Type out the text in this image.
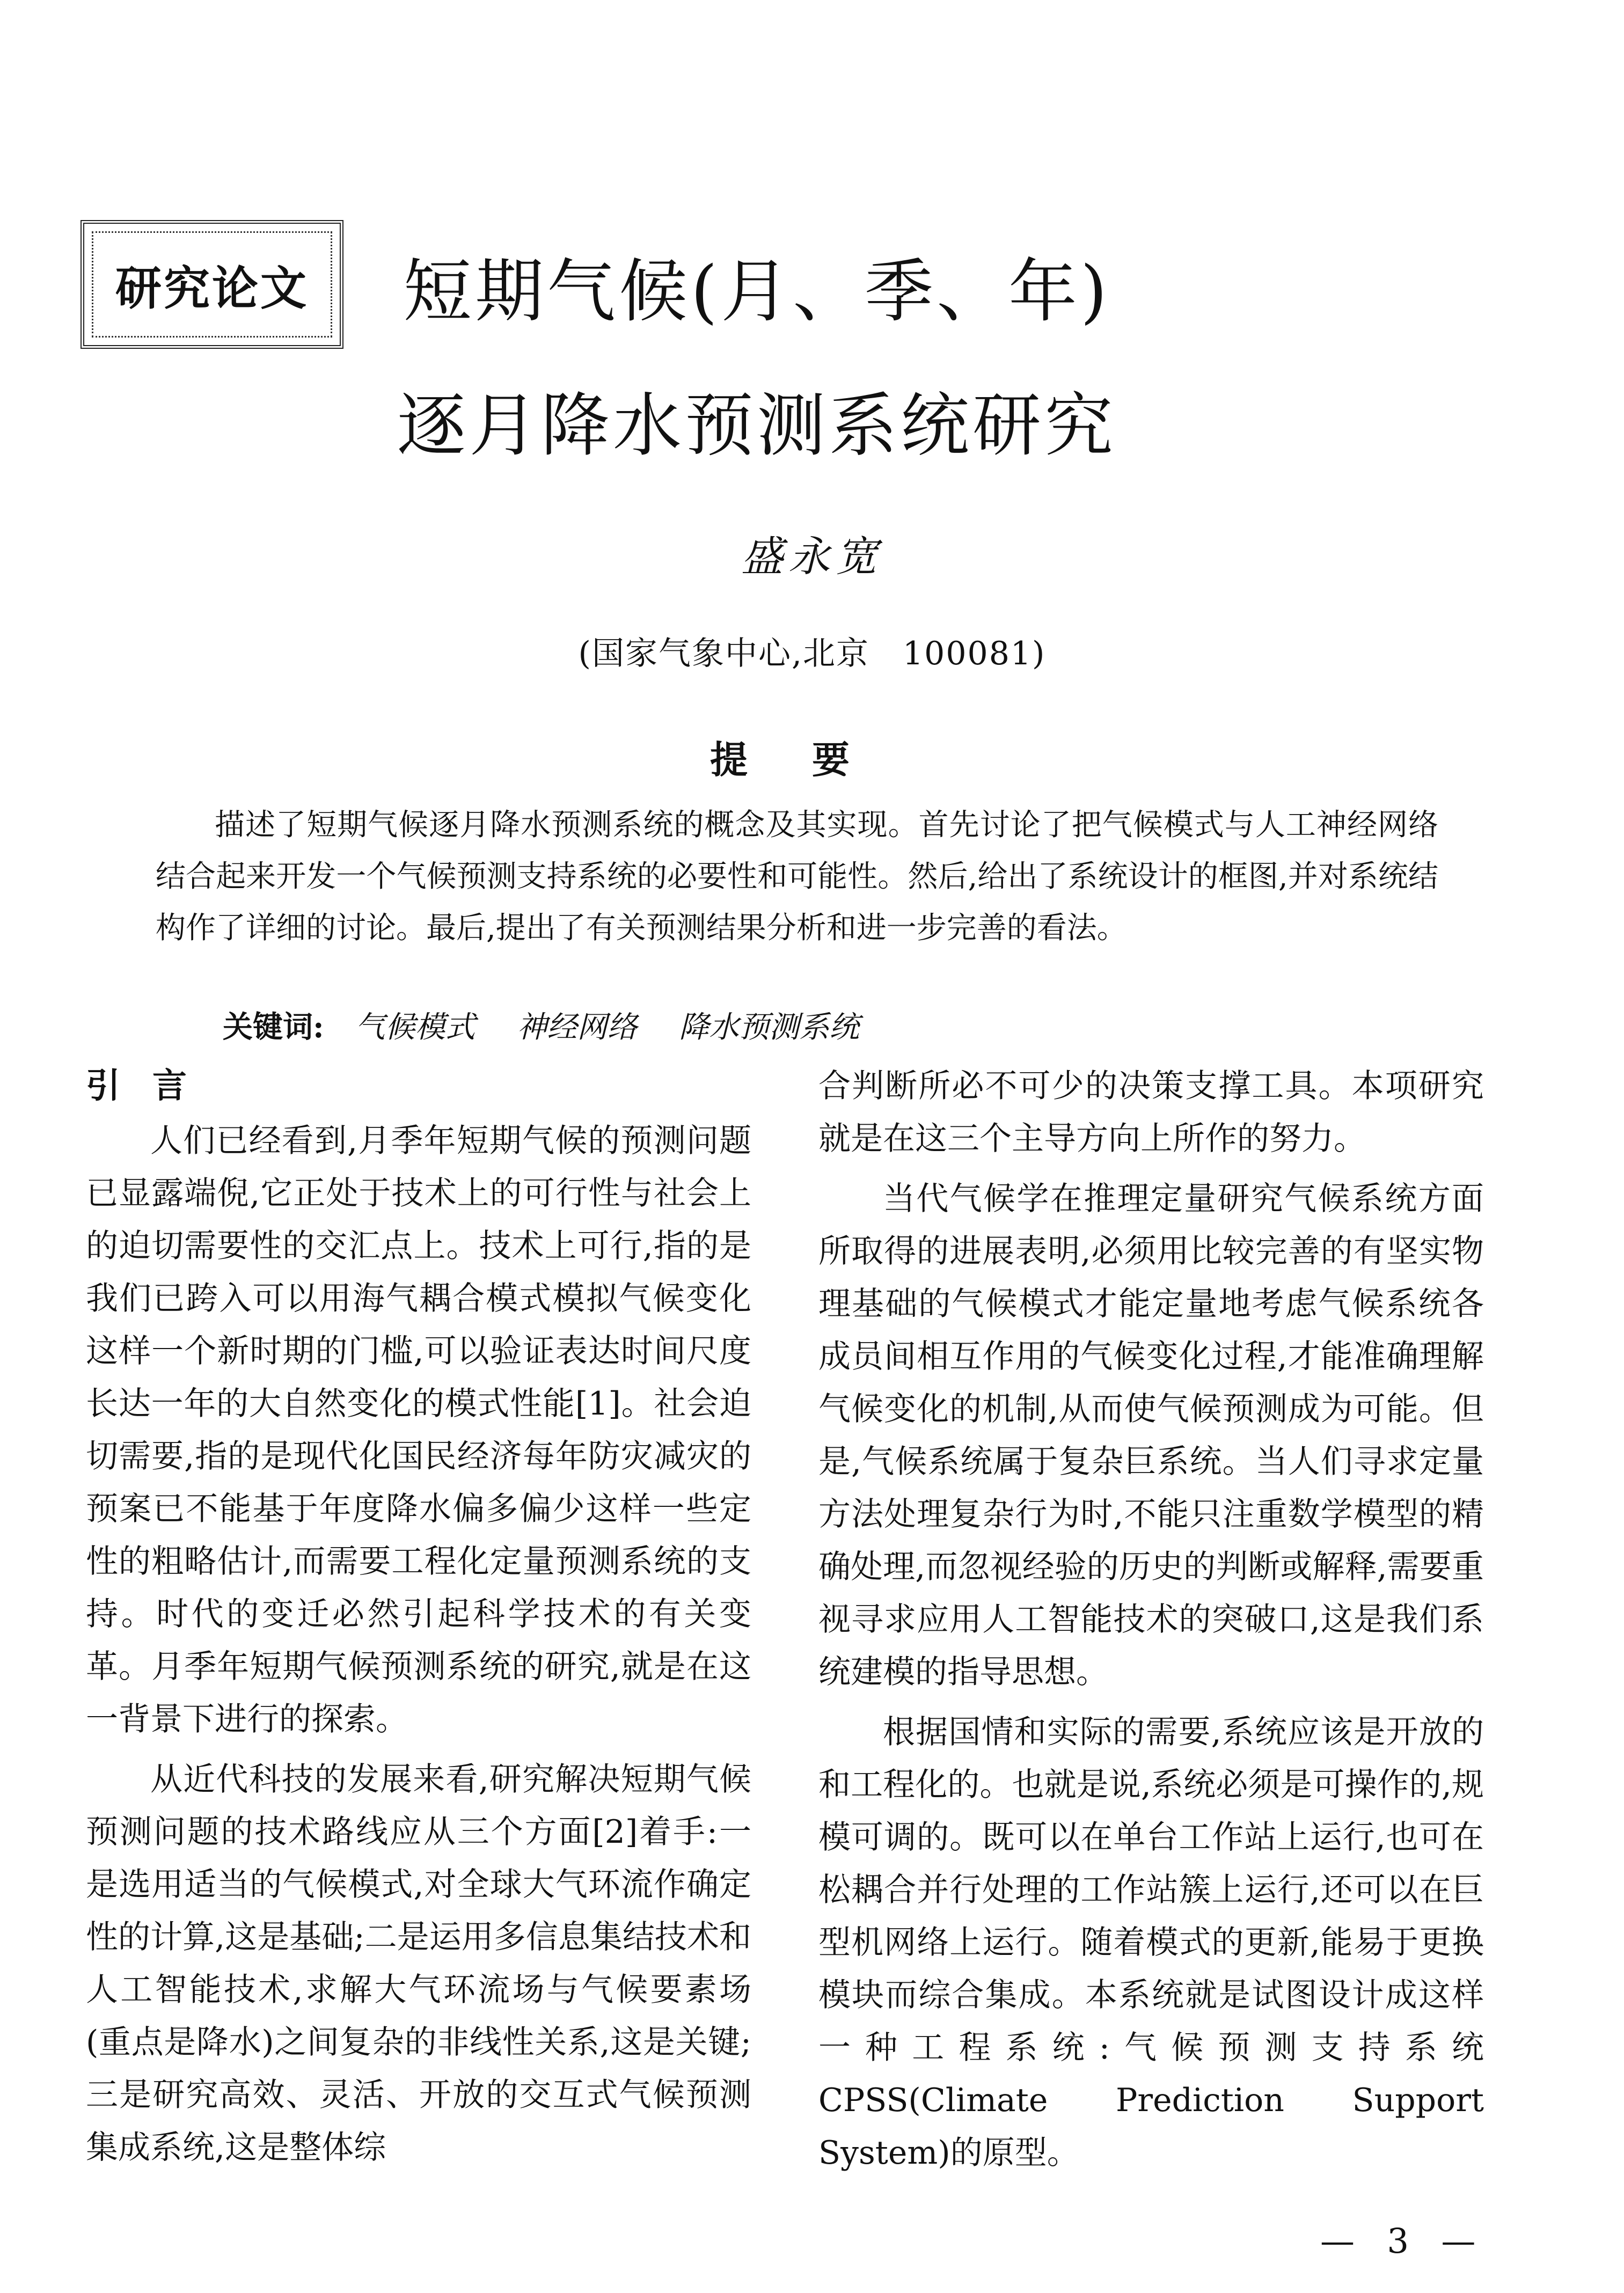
研究论文	短期气候(月、季、年)
逐月降水预测系统研究
盛永宽
(国家气象中心,北京　100081)
提要

描述了短期气候逐月降水预测系统的概念及其实现。首先讨论了把气候模式与人工神经网络结合起来开发一个气候预测支持系统的必要性和可能性。然后,给出了系统设计的框图,并对系统结构作了详细的讨论。最后,提出了有关预测结果分析和进一步完善的看法。

关键词: 气候模式 神经网络 降水预测系统
引言

人们已经看到,月季年短期气候的预测问题已显露端倪,它正处于技术上的可行性与社会上的迫切需要性的交汇点上。技术上可行,指的是我们已跨入可以用海气耦合模式模拟气候变化这样一个新时期的门槛,可以验证表达时间尺度长达一年的大自然变化的模式性能[1]。社会迫切需要,指的是现代化国民经济每年防灾减灾的预案已不能基于年度降水偏多偏少这样一些定性的粗略估计,而需要工程化定量预测系统的支持。时代的变迁必然引起科学技术的有关变革。月季年短期气候预测系统的研究,就是在这一背景下进行的探索。

从近代科技的发展来看,研究解决短期气候预测问题的技术路线应从三个方面[2]着手:一是选用适当的气候模式,对全球大气环流作确定性的计算,这是基础;二是运用多信息集结技术和人工智能技术,求解大气环流场与气候要素场(重点是降水)之间复杂的非线性关系,这是关键;三是研究高效、灵活、开放的交互式气候预测集成系统,这是整体综

合判断所必不可少的决策支撑工具。本项研究就是在这三个主导方向上所作的努力。

当代气候学在推理定量研究气候系统方面所取得的进展表明,必须用比较完善的有坚实物理基础的气候模式才能定量地考虑气候系统各成员间相互作用的气候变化过程,才能准确理解气候变化的机制,从而使气候预测成为可能。但是,气候系统属于复杂巨系统。当人们寻求定量方法处理复杂行为时,不能只注重数学模型的精确处理,而忽视经验的历史的判断或解释,需要重视寻求应用人工智能技术的突破口,这是我们系统建模的指导思想。

根据国情和实际的需要,系统应该是开放的和工程化的。也就是说,系统必须是可操作的,规模可调的。既可以在单台工作站上运行,也可在松耦合并行处理的工作站簇上运行,还可以在巨型机网络上运行。随着模式的更新,能易于更换模块而综合集成。本系统就是试图设计成这样一种工程系统:气候预测支持系统 CPSS(Climate Prediction Support System)的原型。

— 3 —
